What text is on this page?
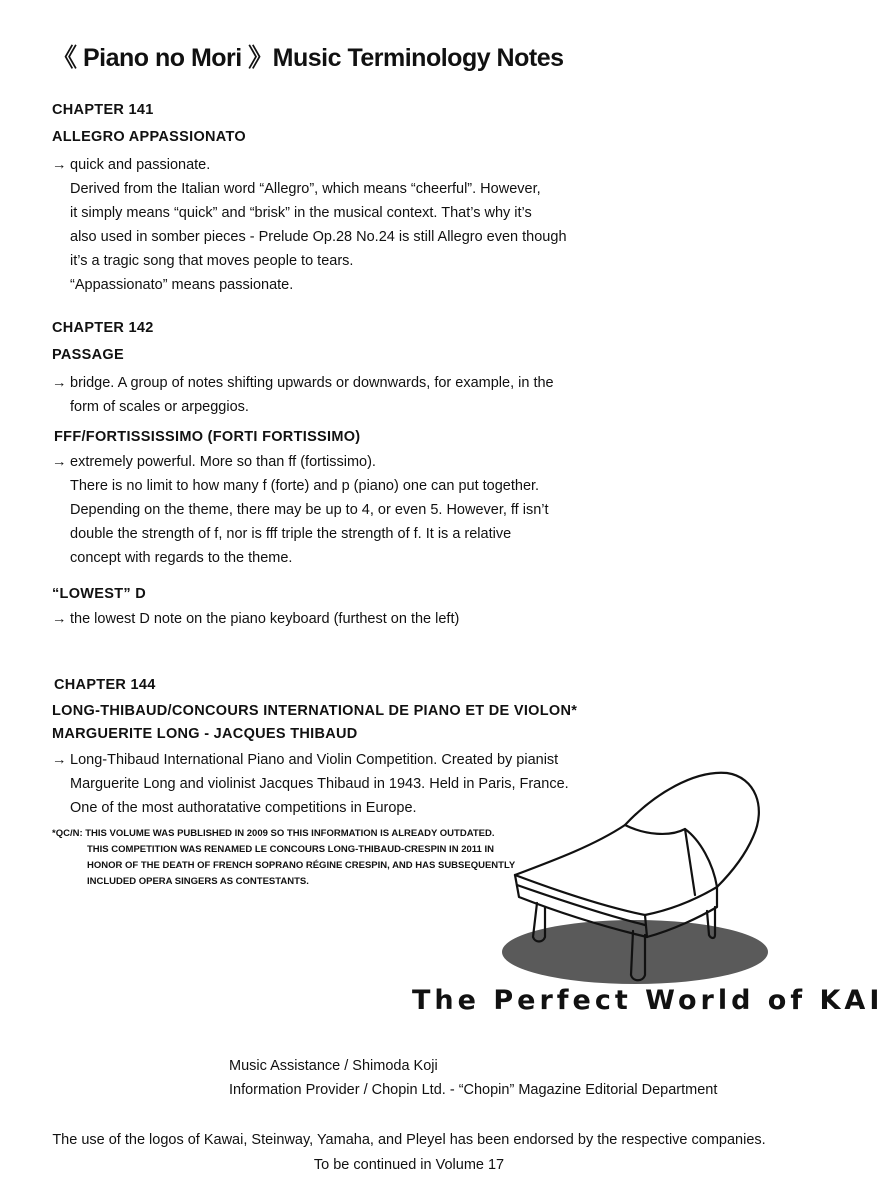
《 Piano no Mori 》Music Terminology Notes
CHAPTER 141
ALLEGRO APPASSIONATO
→ quick and passionate.
Derived from the Italian word “Allegro”, which means “cheerful”. However,
it simply means “quick” and “brisk” in the musical context. That’s why it’s
also used in somber pieces - Prelude Op.28 No.24 is still Allegro even though
it’s a tragic song that moves people to tears.
“Appassionato” means passionate.
CHAPTER 142
PASSAGE
→ bridge. A group of notes shifting upwards or downwards, for example, in the
form of scales or arpeggios.
FFF/FORTISSISSIMO (FORTI FORTISSIMO)
→ extremely powerful. More so than ff (fortissimo).
There is no limit to how many f (forte) and p (piano) one can put together.
Depending on the theme, there may be up to 4, or even 5. However, ff isn’t
double the strength of f, nor is fff triple the strength of f. It is a relative
concept with regards to the theme.
“LOWEST” D
→ the lowest D note on the piano keyboard (furthest on the left)
CHAPTER 144
LONG-THIBAUD/CONCOURS INTERNATIONAL DE PIANO ET DE VIOLON*
MARGUERITE LONG - JACQUES THIBAUD
→ Long-Thibaud International Piano and Violin Competition. Created by pianist
Marguerite Long and violinist Jacques Thibaud in 1943. Held in Paris, France.
One of the most authoratative competitions in Europe.
*QC/N: THIS VOLUME WAS PUBLISHED IN 2009 SO THIS INFORMATION IS ALREADY OUTDATED.
THIS COMPETITION WAS RENAMED LE CONCOURS LONG-THIBAUD-CRESPIN IN 2011 IN
HONOR OF THE DEATH OF FRENCH SOPRANO RÉGINE CRESPIN, AND HAS SUBSEQUENTLY
INCLUDED OPERA SINGERS AS CONTESTANTS.
The Perfect World of KAI
Music Assistance / Shimoda Koji
Information Provider / Chopin Ltd. - “Chopin” Magazine Editorial Department
The use of the logos of Kawai, Steinway, Yamaha, and Pleyel has been endorsed by the respective companies.
To be continued in Volume 17
